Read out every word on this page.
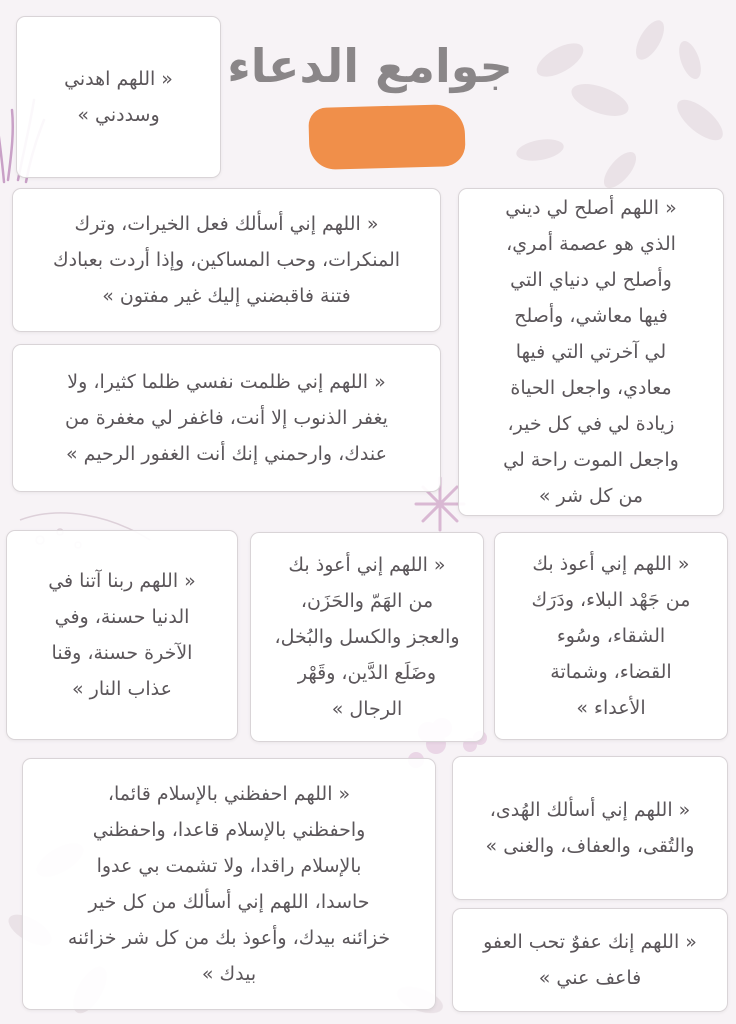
جوامع الدعاء
« اللهم اهدني
وسددني »
« اللهم إني أسألك فعل الخيرات، وترك
المنكرات، وحب المساكين، وإذا أردت بعبادك
فتنة فاقبضني إليك غير مفتون »
« اللهم أصلح لي ديني
الذي هو عصمة أمري،
وأصلح لي دنياي التي
فيها معاشي، وأصلح
لي آخرتي التي فيها
معادي، واجعل الحياة
زيادة لي في كل خير،
واجعل الموت راحة لي
من كل شر »
« اللهم إني ظلمت نفسي ظلما كثيرا، ولا
يغفر الذنوب إلا أنت، فاغفر لي مغفرة من
عندك، وارحمني إنك أنت الغفور الرحيم »
« اللهم ربنا آتنا في
الدنيا حسنة، وفي
الآخرة حسنة، وقنا
عذاب النار »
« اللهم إني أعوذ بك
من الهَمّ والحَزَن،
والعجز والكسل والبُخل،
وضَلَع الدَّين، وقَهْر
الرجال »
« اللهم إني أعوذ بك
من جَهْد البلاء، ودَرَك
الشقاء، وسُوء
القضاء، وشماتة
الأعداء »
« اللهم احفظني بالإسلام قائما،
واحفظني بالإسلام قاعدا، واحفظني
بالإسلام راقدا، ولا تشمت بي عدوا
حاسدا، اللهم إني أسألك من كل خير
خزائنه بيدك، وأعوذ بك من كل شر خزائنه
بيدك »
« اللهم إني أسألك الهُدى،
والتُقى، والعفاف، والغنى »
« اللهم إنك عفوٌ تحب العفو
فاعف عني »
